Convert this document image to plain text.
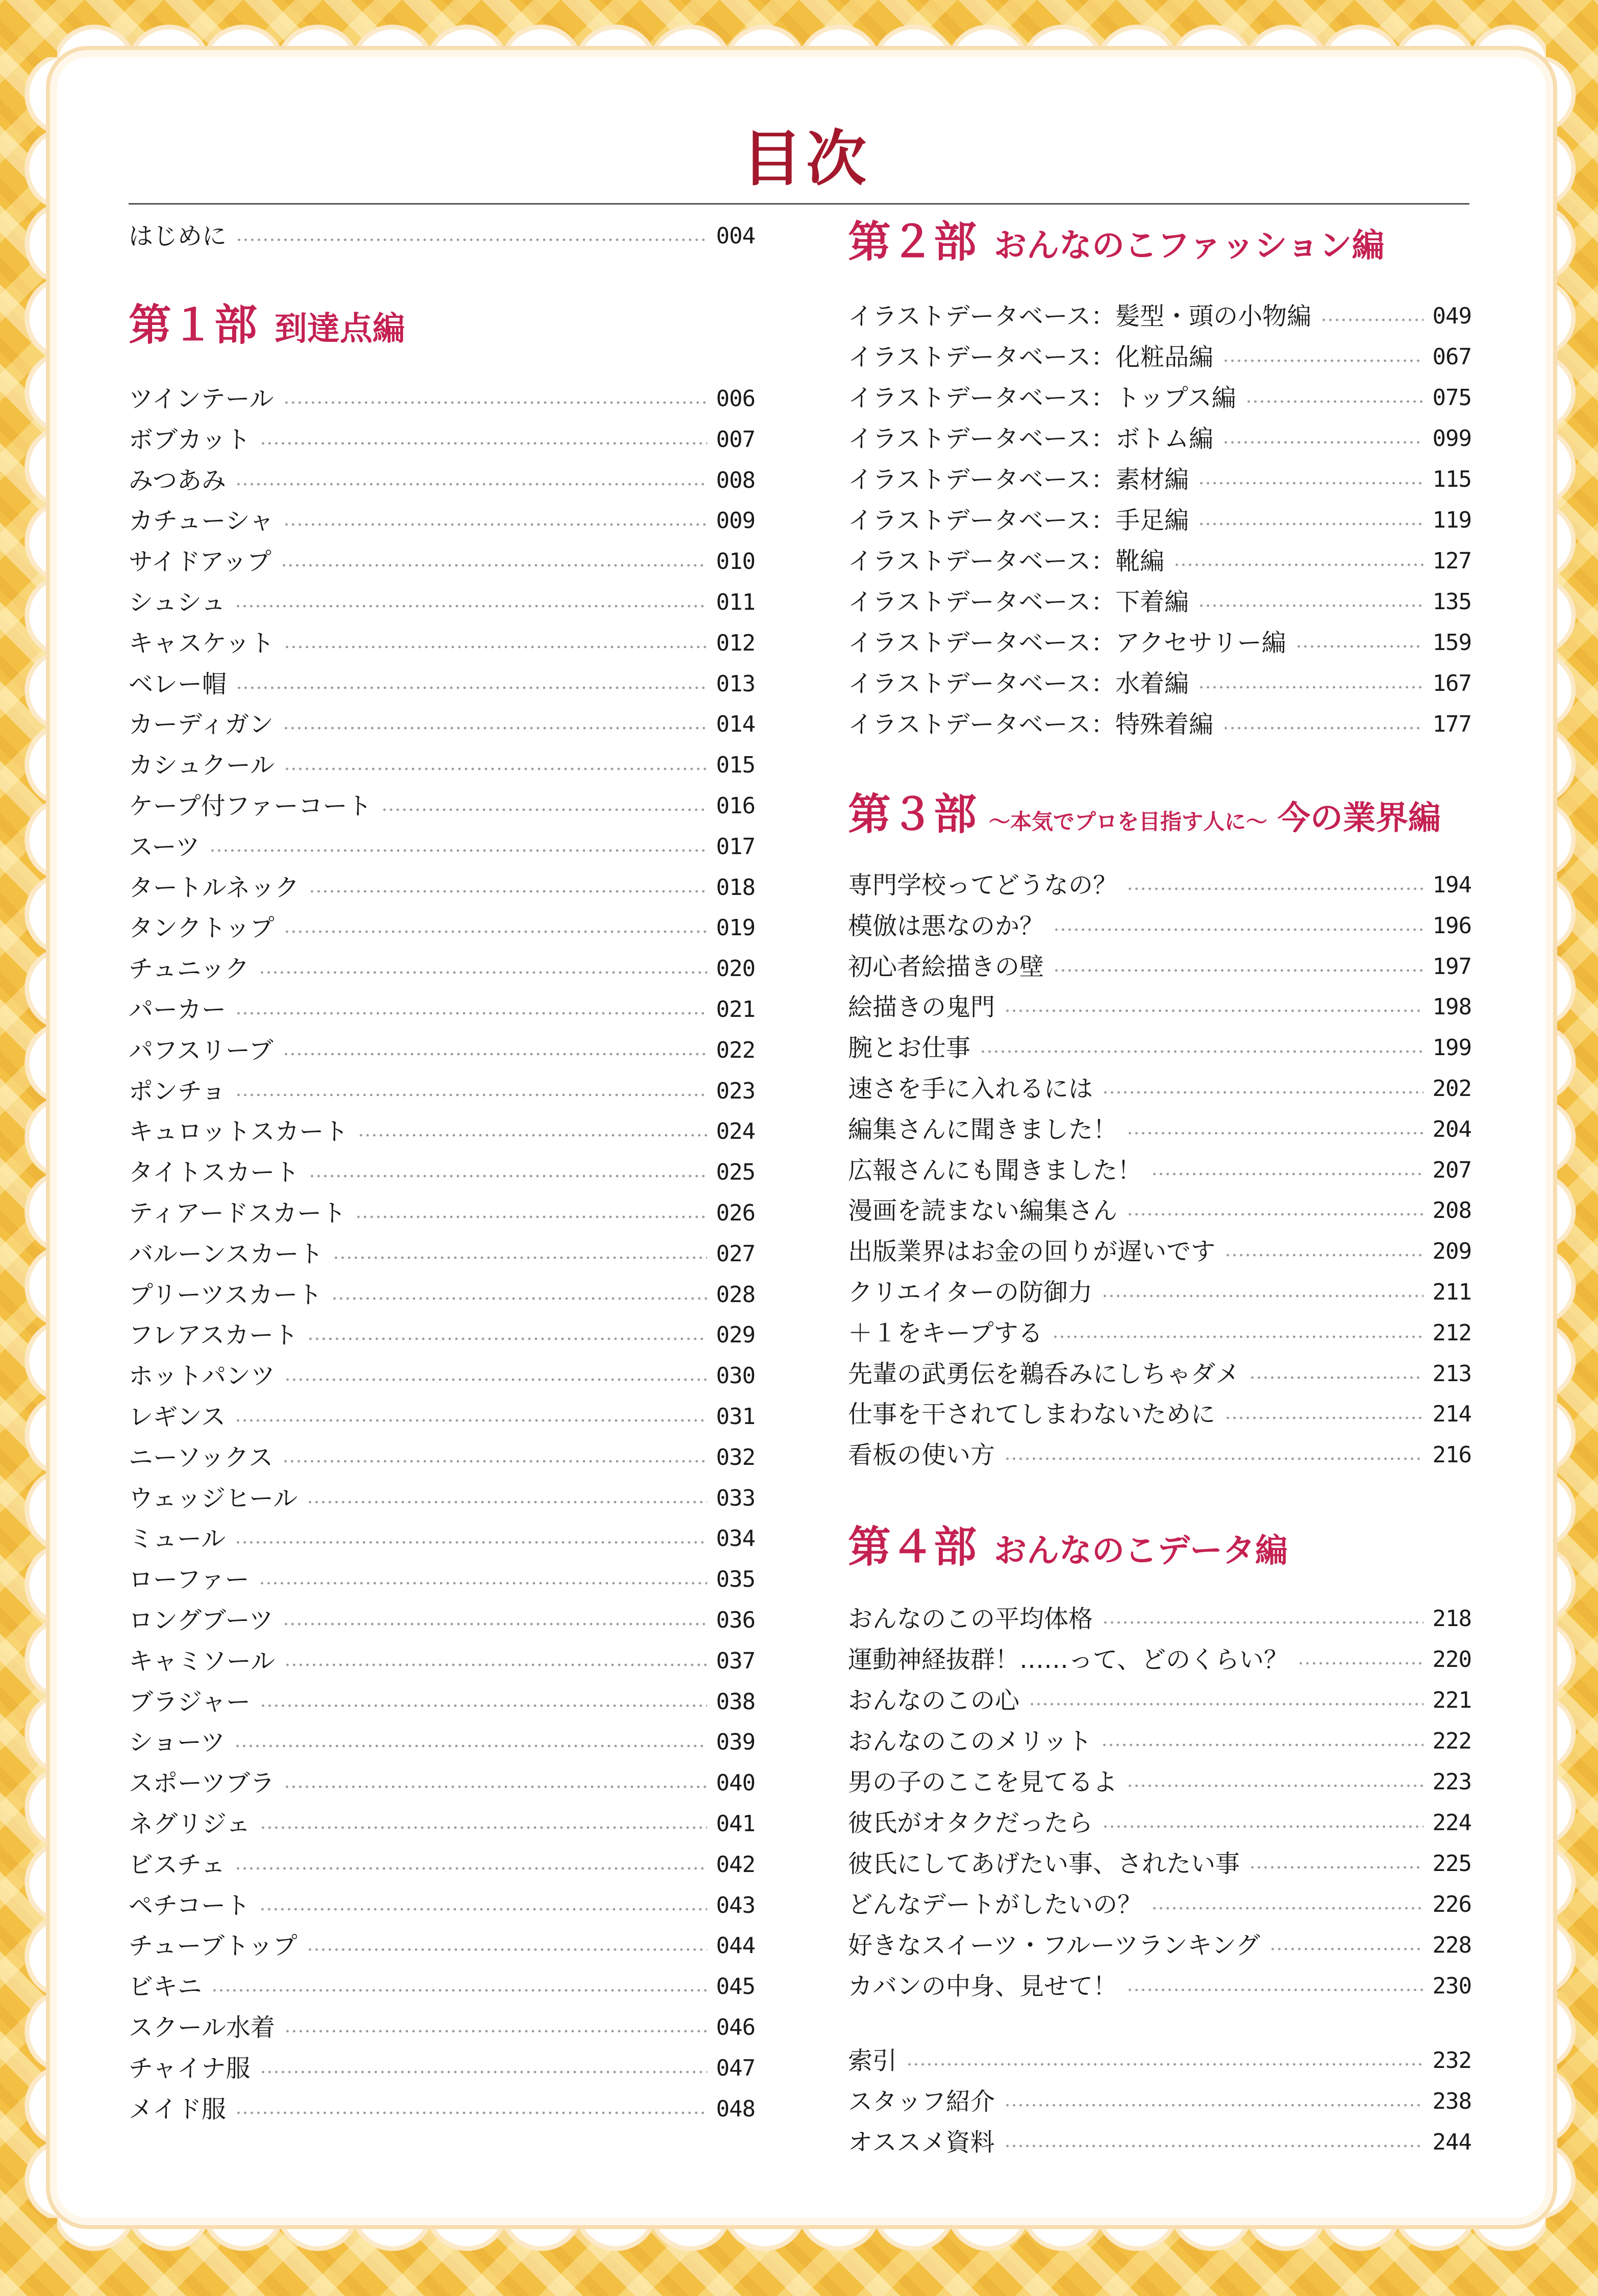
目次
はじめに	004
第１部 到達点編
ツインテール	006
ボブカット	007
みつあみ	008
カチューシャ	009
サイドアップ	010
シュシュ	011
キャスケット	012
ベレー帽	013
カーディガン	014
カシュクール	015
ケープ付ファーコート	016
スーツ	017
タートルネック	018
タンクトップ	019
チュニック	020
パーカー	021
パフスリーブ	022
ポンチョ	023
キュロットスカート	024
タイトスカート	025
ティアードスカート	026
バルーンスカート	027
プリーツスカート	028
フレアスカート	029
ホットパンツ	030
レギンス	031
ニーソックス	032
ウェッジヒール	033
ミュール	034
ローファー	035
ロングブーツ	036
キャミソール	037
ブラジャー	038
ショーツ	039
スポーツブラ	040
ネグリジェ	041
ビスチェ	042
ペチコート	043
チューブトップ	044
ビキニ	045
スクール水着	046
チャイナ服	047
メイド服	048
第２部 おんなのこファッション編
イラストデータベース：髪型・頭の小物編	049
イラストデータベース：化粧品編	067
イラストデータベース：トップス編	075
イラストデータベース：ボトム編	099
イラストデータベース：素材編	115
イラストデータベース：手足編	119
イラストデータベース：靴編	127
イラストデータベース：下着編	135
イラストデータベース：アクセサリー編	159
イラストデータベース：水着編	167
イラストデータベース：特殊着編	177
第３部 ～本気でプロを目指す人に～ 今の業界編
専門学校ってどうなの？	194
模倣は悪なのか？	196
初心者絵描きの壁	197
絵描きの鬼門	198
腕とお仕事	199
速さを手に入れるには	202
編集さんに聞きました！	204
広報さんにも聞きました！	207
漫画を読まない編集さん	208
出版業界はお金の回りが遅いです	209
クリエイターの防御力	211
＋１をキープする	212
先輩の武勇伝を鵜呑みにしちゃダメ	213
仕事を干されてしまわないために	214
看板の使い方	216
第４部 おんなのこデータ編
おんなのこの平均体格	218
運動神経抜群！……って、どのくらい？	220
おんなのこの心	221
おんなのこのメリット	222
男の子のここを見てるよ	223
彼氏がオタクだったら	224
彼氏にしてあげたい事、されたい事	225
どんなデートがしたいの？	226
好きなスイーツ・フルーツランキング	228
カバンの中身、見せて！	230
索引	232
スタッフ紹介	238
オススメ資料	244
